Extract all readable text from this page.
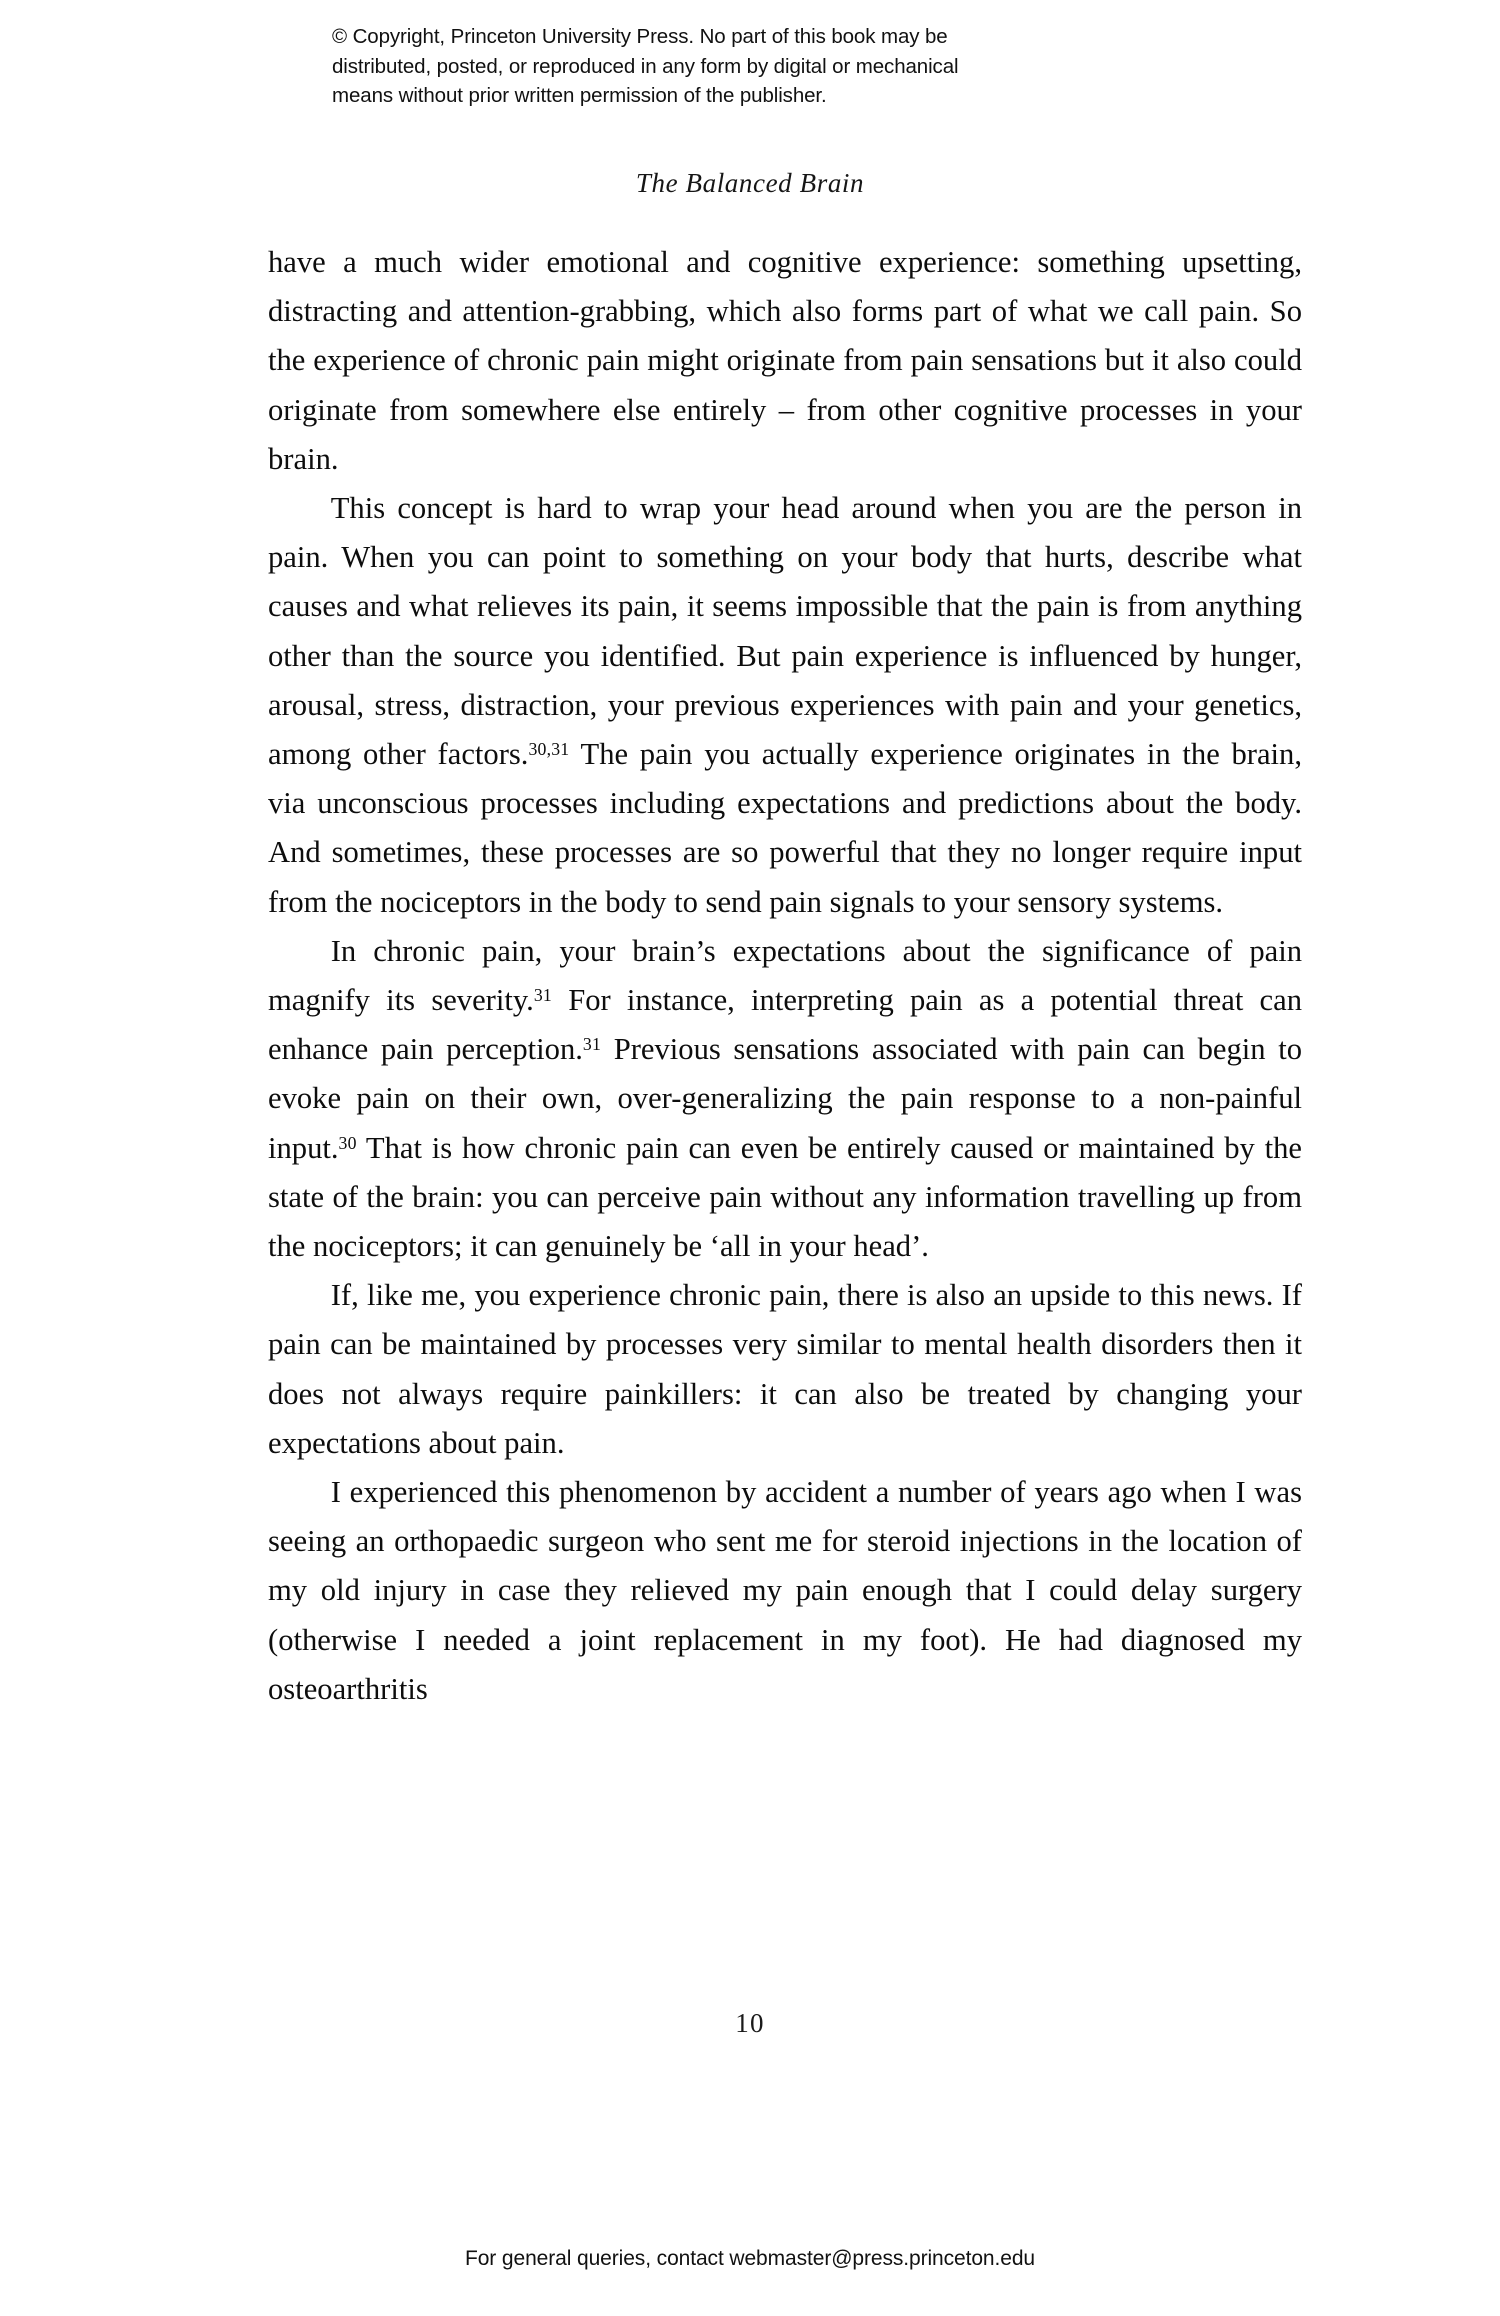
© Copyright, Princeton University Press. No part of this book may be
distributed, posted, or reproduced in any form by digital or mechanical
means without prior written permission of the publisher.
The Balanced Brain

have a much wider emotional and cognitive experience: something upsetting, distracting and attention-grabbing, which also forms part of what we call pain. So the experience of chronic pain might originate from pain sensations but it also could originate from somewhere else entirely – from other cognitive processes in your brain.

This concept is hard to wrap your head around when you are the person in pain. When you can point to something on your body that hurts, describe what causes and what relieves its pain, it seems impossible that the pain is from anything other than the source you identified. But pain experience is influenced by hunger, arousal, stress, distraction, your previous experiences with pain and your genetics, among other factors.$^{30,31}$ The pain you actually experience originates in the brain, via unconscious processes including expectations and predictions about the body. And sometimes, these processes are so powerful that they no longer require input from the nociceptors in the body to send pain signals to your sensory systems.

In chronic pain, your brain’s expectations about the significance of pain magnify its severity.$^{31}$ For instance, interpreting pain as a potential threat can enhance pain perception.$^{31}$ Previous sensations associated with pain can begin to evoke pain on their own, over-generalizing the pain response to a non-painful input.$^{30}$ That is how chronic pain can even be entirely caused or maintained by the state of the brain: you can perceive pain without any information travelling up from the nociceptors; it can genuinely be ‘all in your head’.

If, like me, you experience chronic pain, there is also an upside to this news. If pain can be maintained by processes very similar to mental health disorders then it does not always require painkillers: it can also be treated by changing your expectations about pain.

I experienced this phenomenon by accident a number of years ago when I was seeing an orthopaedic surgeon who sent me for steroid injections in the location of my old injury in case they relieved my pain enough that I could delay surgery (otherwise I needed a joint replacement in my foot). He had diagnosed my osteoarthritis

10
For general queries, contact webmaster@press.princeton.edu
